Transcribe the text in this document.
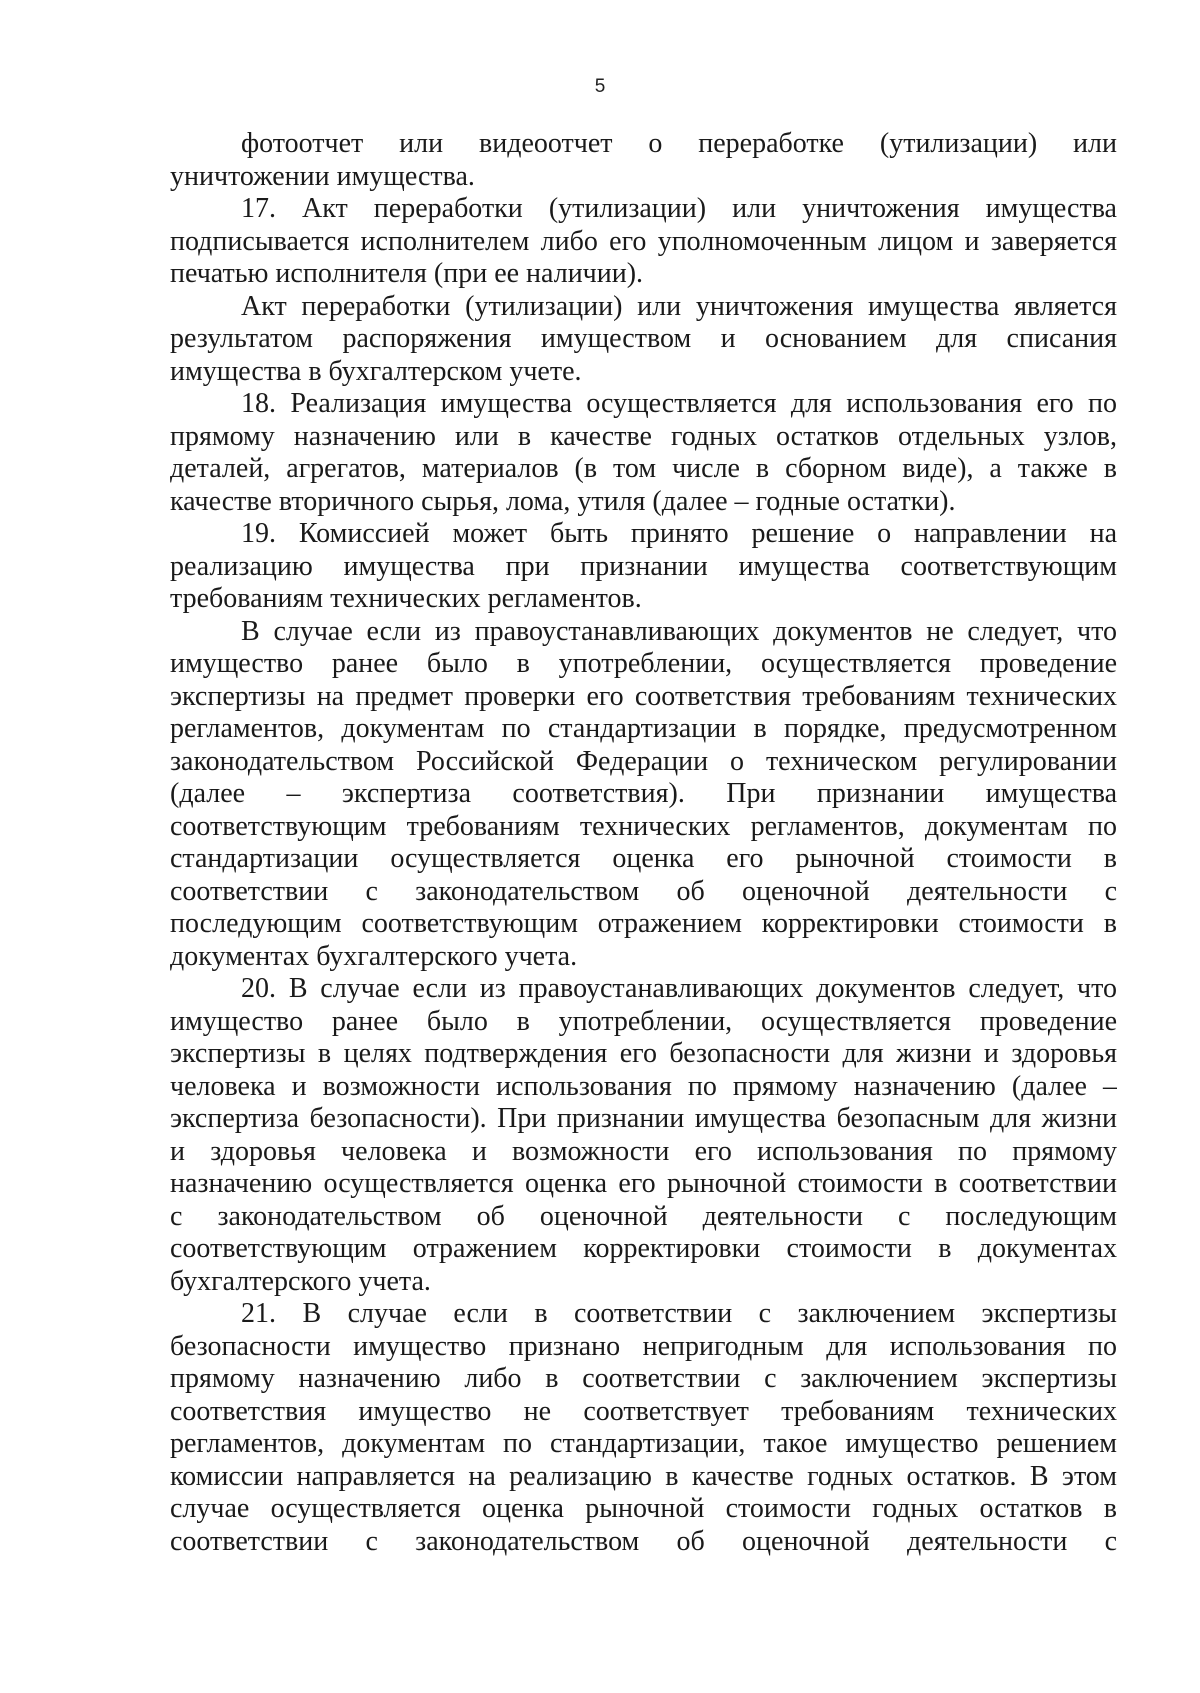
5
фотоотчет или видеоотчет о переработке (утилизации) или
уничтожении имущества.
17. Акт переработки (утилизации) или уничтожения имущества
подписывается исполнителем либо его уполномоченным лицом и заверяется
печатью исполнителя (при ее наличии).
Акт переработки (утилизации) или уничтожения имущества является
результатом распоряжения имуществом и основанием для списания
имущества в бухгалтерском учете.
18. Реализация имущества осуществляется для использования его по
прямому назначению или в качестве годных остатков отдельных узлов,
деталей, агрегатов, материалов (в том числе в сборном виде), а также в
качестве вторичного сырья, лома, утиля (далее – годные остатки).
19. Комиссией может быть принято решение о направлении на
реализацию имущества при признании имущества соответствующим
требованиям технических регламентов.
В случае если из правоустанавливающих документов не следует, что
имущество ранее было в употреблении, осуществляется проведение
экспертизы на предмет проверки его соответствия требованиям технических
регламентов, документам по стандартизации в порядке, предусмотренном
законодательством Российской Федерации о техническом регулировании
(далее – экспертиза соответствия). При признании имущества
соответствующим требованиям технических регламентов, документам по
стандартизации осуществляется оценка его рыночной стоимости в
соответствии с законодательством об оценочной деятельности с
последующим соответствующим отражением корректировки стоимости в
документах бухгалтерского учета.
20. В случае если из правоустанавливающих документов следует, что
имущество ранее было в употреблении, осуществляется проведение
экспертизы в целях подтверждения его безопасности для жизни и здоровья
человека и возможности использования по прямому назначению (далее –
экспертиза безопасности). При признании имущества безопасным для жизни
и здоровья человека и возможности его использования по прямому
назначению осуществляется оценка его рыночной стоимости в соответствии
с законодательством об оценочной деятельности с последующим
соответствующим отражением корректировки стоимости в документах
бухгалтерского учета.
21. В случае если в соответствии с заключением экспертизы
безопасности имущество признано непригодным для использования по
прямому назначению либо в соответствии с заключением экспертизы
соответствия имущество не соответствует требованиям технических
регламентов, документам по стандартизации, такое имущество решением
комиссии направляется на реализацию в качестве годных остатков. В этом
случае осуществляется оценка рыночной стоимости годных остатков в
соответствии с законодательством об оценочной деятельности с
